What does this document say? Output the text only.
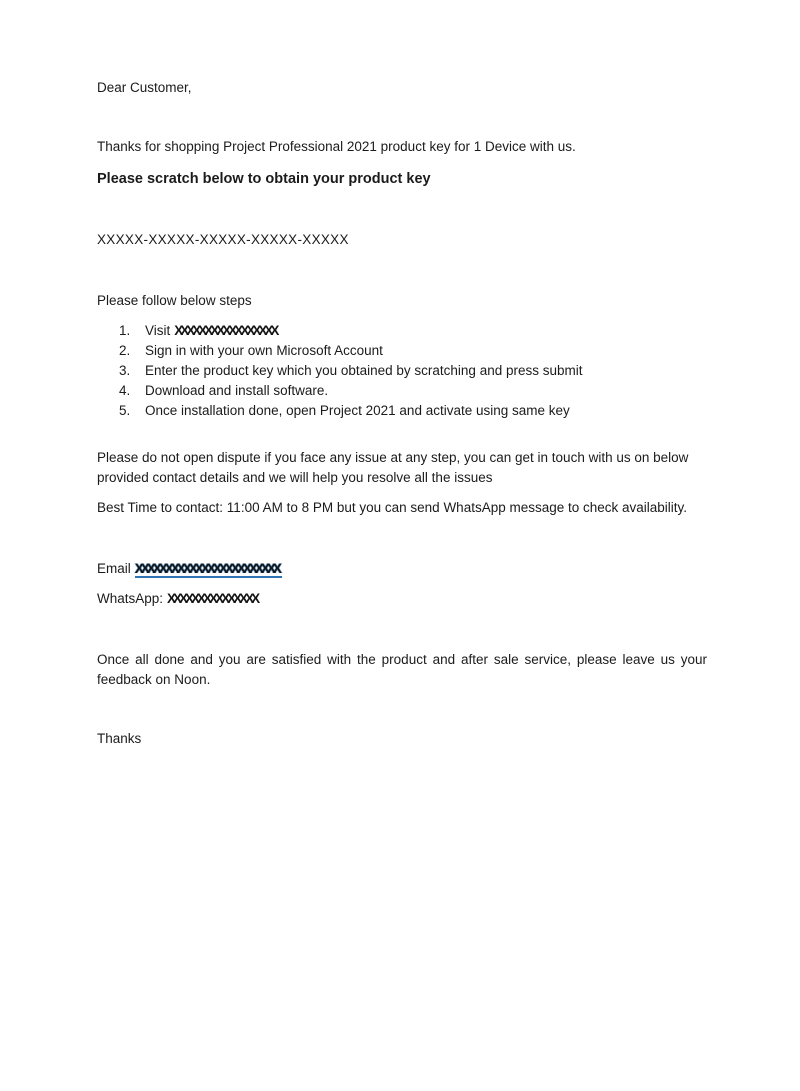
Dear Customer,

Thanks for shopping Project Professional 2021 product key for 1 Device with us.

Please scratch below to obtain your product key

XXXXX-XXXXX-XXXXX-XXXXX-XXXXX

Please follow below steps

1.	Visit XXXXXXXXXXXXXXXXX
2.	Sign in with your own Microsoft Account
3.	Enter the product key which you obtained by scratching and press submit
4.	Download and install software.
5.	Once installation done, open Project 2021 and activate using same key

Please do not open dispute if you face any issue at any step, you can get in touch with us on below provided contact details and we will help you resolve all the issues

Best Time to contact: 11:00 AM to 8 PM but you can send WhatsApp message to check availability.

Email XXXXXXXXXXXXXXXXXXXXXXXX

WhatsApp: XXXXXXXXXXXXXXX

Once all done and you are satisfied with the product and after sale service, please leave us your feedback on Noon.

Thanks
